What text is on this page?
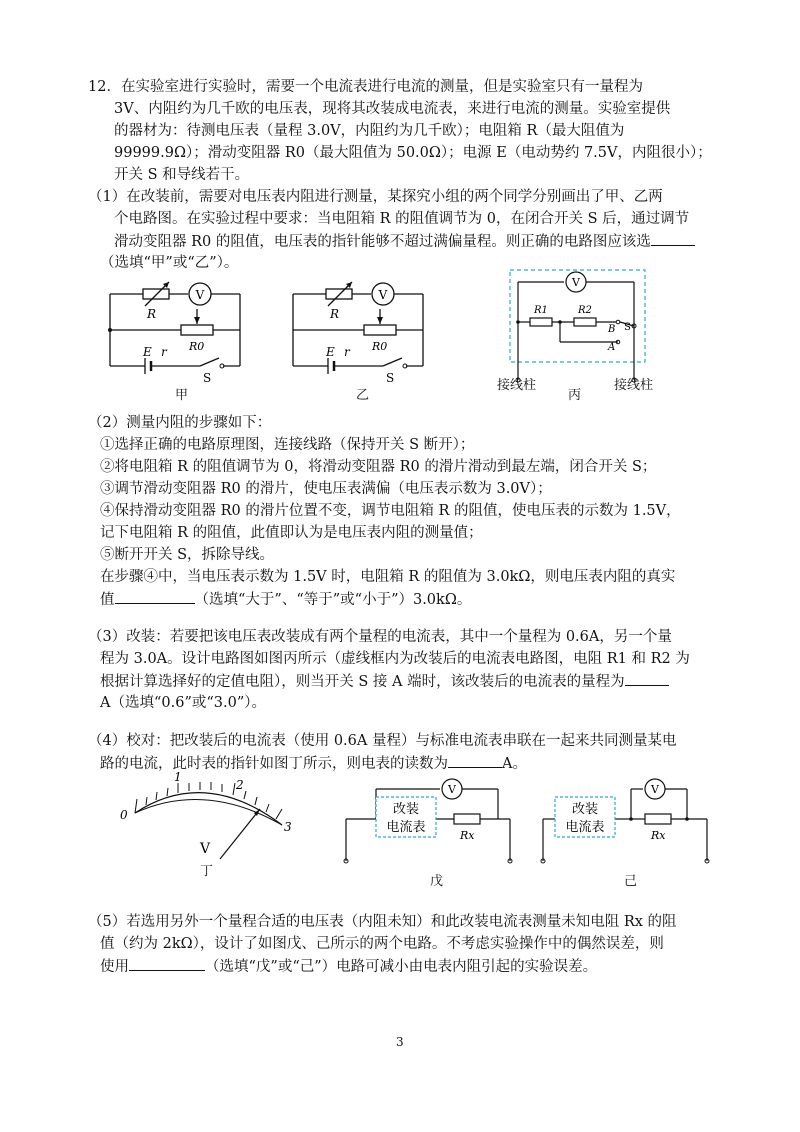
12．在实验室进行实验时，需要一个电流表进行电流的测量，但是实验室只有一量程为
3V、内阻约为几千欧的电压表，现将其改装成电流表，来进行电流的测量。实验室提供
的器材为：待测电压表（量程 3.0V，内阻约为几千欧）；电阻箱 R（最大阻值为
99999.9Ω）；滑动变阻器 R0（最大阻值为 50.0Ω）；电源 E（电动势约 7.5V，内阻很小）；
开关 S 和导线若干。
（1）在改装前，需要对电压表内阻进行测量，某探究小组的两个同学分别画出了甲、乙两
个电路图。在实验过程中要求：当电阻箱 R 的阻值调节为 0，在闭合开关 S 后，通过调节
滑动变阻器 R0 的阻值，电压表的指针能够不超过满偏量程。则正确的电路图应该选
（选填“甲”或“乙”）。
V
R
R0
E r
S
甲
V
R
R0
E r
S
乙
V
R1	R2
B
A
S
接线柱	接线柱
丙
（2）测量内阻的步骤如下：
①选择正确的电路原理图，连接线路（保持开关 S 断开）；
②将电阻箱 R 的阻值调节为 0，将滑动变阻器 R0 的滑片滑动到最左端，闭合开关 S；
③调节滑动变阻器 R0 的滑片，使电压表满偏（电压表示数为 3.0V）；
④保持滑动变阻器 R0 的滑片位置不变，调节电阻箱 R 的阻值，使电压表的示数为 1.5V，
记下电阻箱 R 的阻值，此值即认为是电压表内阻的测量值；
⑤断开开关 S，拆除导线。
在步骤④中，当电压表示数为 1.5V 时，电阻箱 R 的阻值为 3.0kΩ，则电压表内阻的真实
值	（选填“大于”、“等于”或“小于”）3.0kΩ。
（3）改装：若要把该电压表改装成有两个量程的电流表，其中一个量程为 0.6A，另一个量
程为 3.0A。设计电路图如图丙所示（虚线框内为改装后的电流表电路图，电阻 R1 和 R2 为
根据计算选择好的定值电阻），则当开关 S 接 A 端时，该改装后的电流表的量程为
A（选填“0.6”或“3.0”）。
（4）校对：把改装后的电流表（使用 0.6A 量程）与标准电流表串联在一起来共同测量某电
路的电流，此时表的指针如图丁所示，则电表的读数为	A。
0
1
2
3
V
丁
V
改装
电流表
Rx
戊
V
改装
电流表
Rx
己
（5）若选用另外一个量程合适的电压表（内阻未知）和此改装电流表测量未知电阻 Rx 的阻
值（约为 2kΩ），设计了如图戊、己所示的两个电路。不考虑实验操作中的偶然误差，则
使用	（选填“戊”或“己”）电路可减小由电表内阻引起的实验误差。
3
